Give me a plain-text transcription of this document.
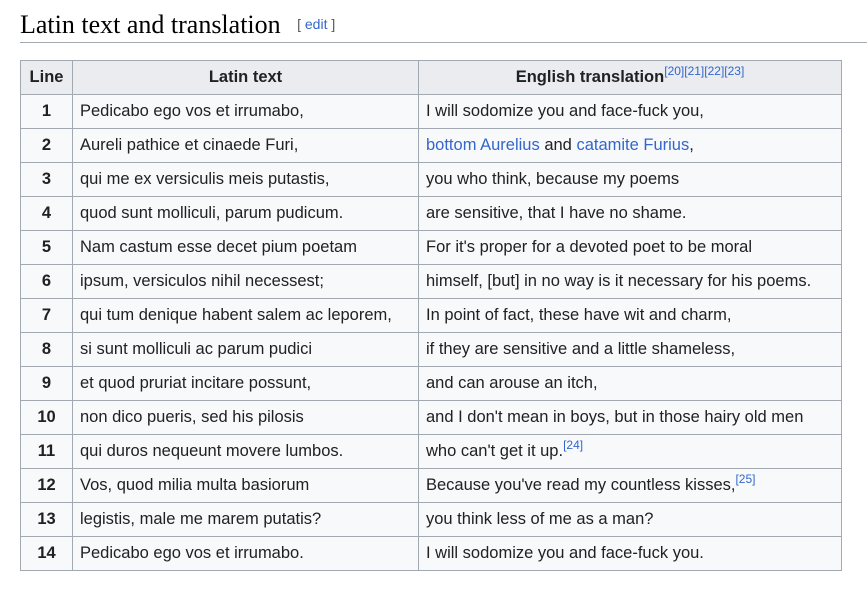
Latin text and translation [ edit ]
Line	Latin text	English translation[20][21][22][23]
1	Pedicabo ego vos et irrumabo,	I will sodomize you and face-fuck you,
2	Aureli pathice et cinaede Furi,	bottom Aurelius and catamite Furius,
3	qui me ex versiculis meis putastis,	you who think, because my poems
4	quod sunt molliculi, parum pudicum.	are sensitive, that I have no shame.
5	Nam castum esse decet pium poetam	For it's proper for a devoted poet to be moral
6	ipsum, versiculos nihil necessest;	himself, [but] in no way is it necessary for his poems.
7	qui tum denique habent salem ac leporem,	In point of fact, these have wit and charm,
8	si sunt molliculi ac parum pudici	if they are sensitive and a little shameless,
9	et quod pruriat incitare possunt,	and can arouse an itch,
10	non dico pueris, sed his pilosis	and I don't mean in boys, but in those hairy old men
11	qui duros nequeunt movere lumbos.	who can't get it up.[24]
12	Vos, quod milia multa basiorum	Because you've read my countless kisses,[25]
13	legistis, male me marem putatis?	you think less of me as a man?
14	Pedicabo ego vos et irrumabo.	I will sodomize you and face-fuck you.
